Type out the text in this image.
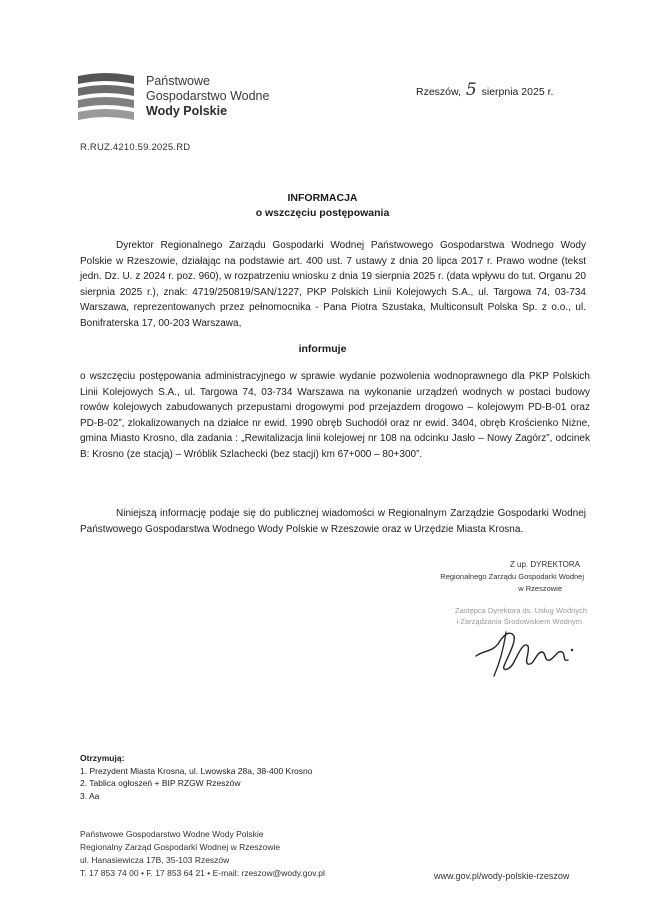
Państwowe
Gospodarstwo Wodne
Wody Polskie
Rzeszów, 5 sierpnia 2025 r.
R.RUZ.4210.59.2025.RD
INFORMACJA
o wszczęciu postępowania
Dyrektor Regionalnego Zarządu Gospodarki Wodnej Państwowego Gospodarstwa Wodnego Wody Polskie w Rzeszowie, działając na podstawie art. 400 ust. 7 ustawy z dnia 20 lipca 2017 r. Prawo wodne (tekst jedn. Dz. U. z 2024 r. poz. 960), w rozpatrzeniu wniosku z dnia 19 sierpnia 2025 r. (data wpływu do tut. Organu 20 sierpnia 2025 r.), znak: 4719/250819/SAN/1227, PKP Polskich Linii Kolejowych S.A., ul. Targowa 74, 03-734 Warszawa, reprezentowanych przez pełnomocnika - Pana Piotra Szustaka, Multiconsult Polska Sp. z o.o., ul. Bonifraterska 17, 00-203 Warszawa,
informuje
o wszczęciu postępowania administracyjnego w sprawie wydanie pozwolenia wodnoprawnego dla PKP Polskich Linii Kolejowych S.A., ul. Targowa 74, 03-734 Warszawa na wykonanie urządzeń wodnych w postaci budowy rowów kolejowych zabudowanych przepustami drogowymi pod przejazdem drogowo – kolejowym PD-B-01 oraz PD-B-02”, zlokalizowanych na działce nr ewid. 1990 obręb Suchodół oraz nr ewid. 3404, obręb Krościenko Niżne, gmina Miasto Krosno, dla zadania : „Rewitalizacja linii kolejowej nr 108 na odcinku Jasło – Nowy Zagórz”, odcinek B: Krosno (ze stacją) – Wróblik Szlachecki (bez stacji) km 67+000 – 80+300”.
Niniejszą informację podaje się do publicznej wiadomości w Regionalnym Zarządzie Gospodarki Wodnej Państwowego Gospodarstwa Wodnego Wody Polskie w Rzeszowie oraz w Urzędzie Miasta Krosna.
Z up. DYREKTORA
Regionalnego Zarządu Gospodarki Wodnej
w Rzeszowie
Zastępca Dyrektora ds. Usług Wodnych
i Zarządzania Środowiskiem Wodnym
Otrzymują:
1. Prezydent Miasta Krosna, ul. Lwowska 28a, 38-400 Krosno
2. Tablica ogłoszeń + BIP RZGW Rzeszów
3. Aa
Państwowe Gospodarstwo Wodne Wody Polskie
Regionalny Zarząd Gospodarki Wodnej w Rzeszowie
ul. Hanasiewicza 17B, 35-103 Rzeszów
T. 17 853 74 00 • F. 17 853 64 21 • E-mail: rzeszow@wody.gov.pl	www.gov.pl/wody-polskie-rzeszow
